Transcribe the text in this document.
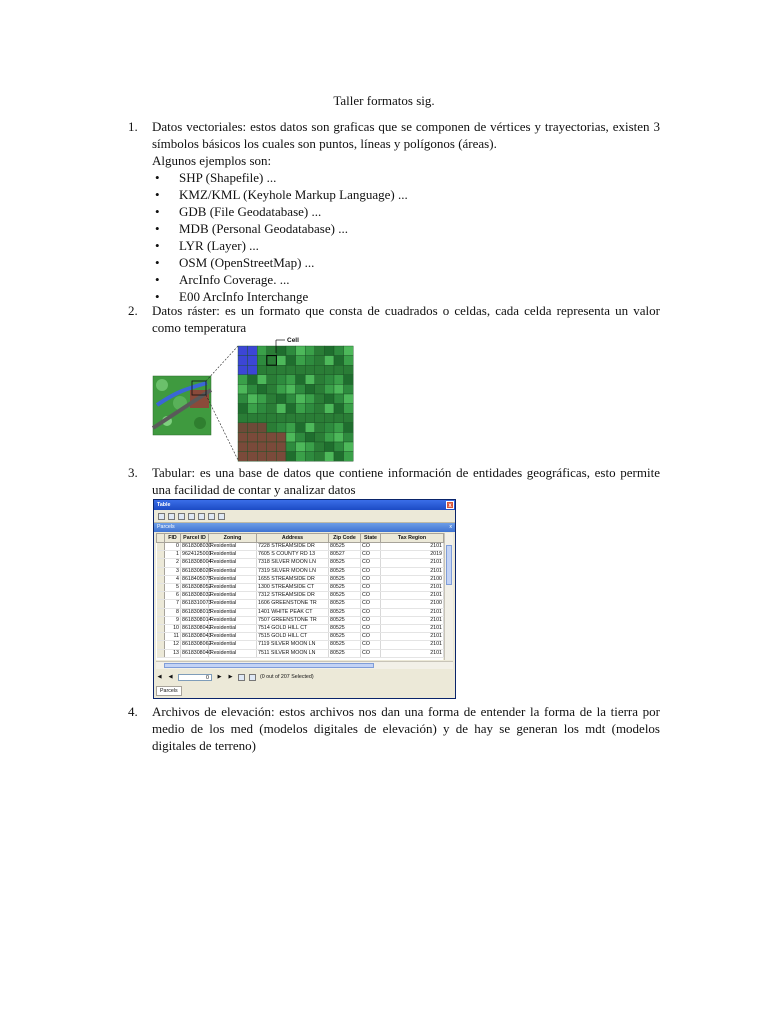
Taller formatos sig.
1.	Datos vectoriales: estos datos son graficas que se componen de vértices y trayectorias, existen 3 símbolos básicos los cuales son puntos, líneas y polígonos (áreas).
Algunos ejemplos son:
• SHP (Shapefile) ...
• KMZ/KML (Keyhole Markup Language) ...
• GDB (File Geodatabase) ...
• MDB (Personal Geodatabase) ...
• LYR (Layer) ...
• OSM (OpenStreetMap) ...
• ArcInfo Coverage. ...
• E00 ArcInfo Interchange
2.	Datos ráster: es un formato que consta de cuadrados o celdas, cada celda representa un valor como temperatura
Cell
3.	Tabular: es una base de datos que contiene información de entidades geográficas, esto permite una facilidad de contar y analizar datos
Table	x
Parcels	x
	FID	Parcel ID	Zoning	Address	Zip Code	State	Tax Region
	0	8618308030	Residential	7228 STREAMSIDE DR	80525	CO	2101
	1	9624125001	Residential	7605 S COUNTY RD 13	80527	CO	2019
	2	8618308004	Residential	7318 SILVER MOON LN	80525	CO	2101
	3	8618308026	Residential	7319 SILVER MOON LN	80525	CO	2101
	4	8618405075	Residential	1655 STREAMSIDE DR	80525	CO	2100
	5	8618308052	Residential	1300 STREAMSIDE CT	80525	CO	2101
	6	8618308032	Residential	7312 STREAMSIDE DR	80525	CO	2101
	7	8618310073	Residential	1606 GREENSTONE TR	80525	CO	2100
	8	8618308015	Residential	1401 WHITE PEAK CT	80525	CO	2101
	9	8618308014	Residential	7507 GREENSTONE TR	80525	CO	2101
	10	8618308042	Residential	7514 GOLD HILL CT	80525	CO	2101
	11	8618308043	Residential	7515 GOLD HILL CT	80525	CO	2101
	12	8618308062	Residential	7119 SILVER MOON LN	80525	CO	2101
	13	8618308040	Residential	7511 SILVER MOON LN	80525	CO	2101
◀ ◀	0	▶ ▶	(0 out of 207 Selected)
Parcels
4.	Archivos de elevación: estos archivos nos dan una forma de entender la forma de la tierra por medio de los med (modelos digitales de elevación) y de hay se generan los mdt (modelos digitales de terreno)
